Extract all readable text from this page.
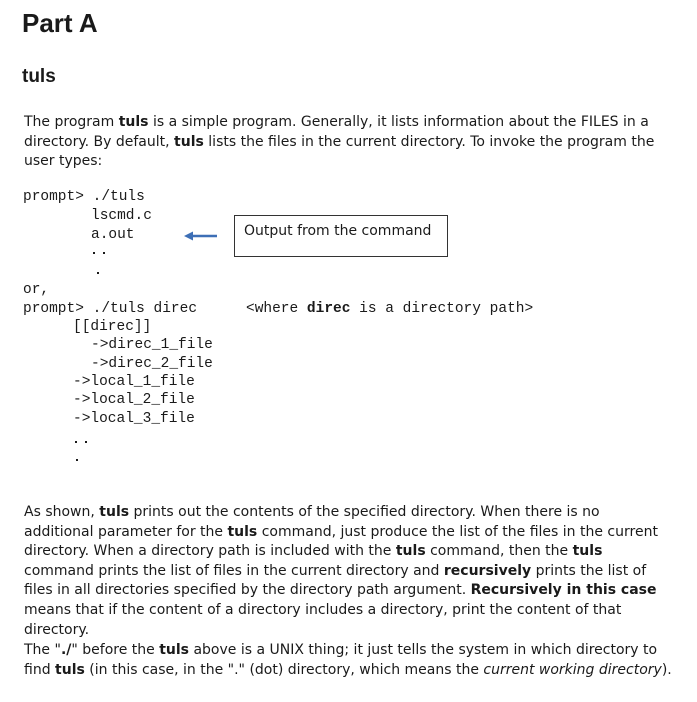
Part A
tuls
The program tuls is a simple program. Generally, it lists information about the FILES in a directory. By default, tuls lists the files in the current directory. To invoke the program the user types:
prompt> ./tuls
lscmd.c
a.out	Output from the command
or,
prompt> ./tuls direc	<where direc is a directory path>
[[direc]]
->direc_1_file
->direc_2_file
->local_1_file
->local_2_file
->local_3_file
As shown, tuls prints out the contents of the specified directory. When there is no additional parameter for the tuls command, just produce the list of the files in the current directory. When a directory path is included with the tuls command, then the tuls command prints the list of files in the current directory and recursively prints the list of files in all directories specified by the directory path argument. Recursively in this case means that if the content of a directory includes a directory, print the content of that directory.
The "./" before the tuls above is a UNIX thing; it just tells the system in which directory to find tuls (in this case, in the "." (dot) directory, which means the current working directory).
